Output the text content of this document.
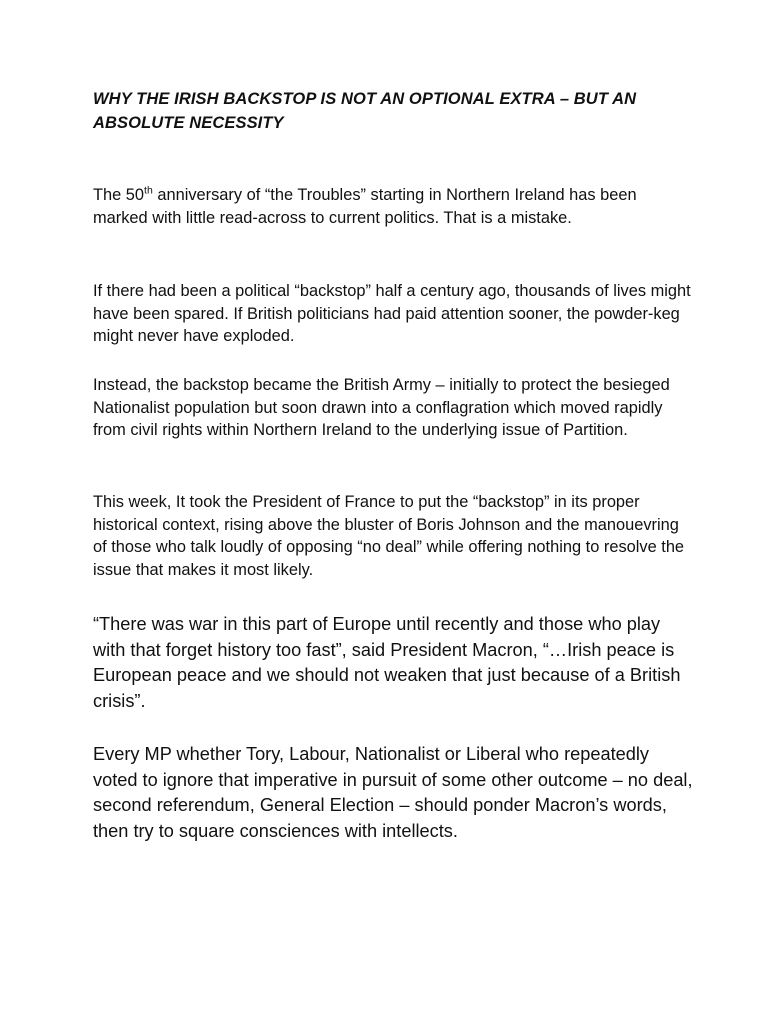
WHY THE IRISH BACKSTOP IS NOT AN OPTIONAL EXTRA – BUT AN ABSOLUTE NECESSITY

The 50th anniversary of “the Troubles” starting in Northern Ireland has been marked with little read-across to current politics. That is a mistake.

If there had been a political “backstop” half a century ago, thousands of lives might have been spared. If British politicians had paid attention sooner, the powder-keg might never have exploded.

Instead, the backstop became the British Army – initially to protect the besieged Nationalist population but soon drawn into a conflagration which moved rapidly from civil rights within Northern Ireland to the underlying issue of Partition.

This week, It took the President of France to put the “backstop” in its proper historical context, rising above the bluster of Boris Johnson and the manouevring of those who talk loudly of opposing “no deal” while offering nothing to resolve the issue that makes it most likely.

“There was war in this part of Europe until recently and those who play with that forget history too fast”, said President Macron, “…Irish peace is European peace and we should not weaken that just because of a British crisis”.

Every MP whether Tory, Labour, Nationalist or Liberal who repeatedly voted to ignore that imperative in pursuit of some other outcome – no deal, second referendum, General Election – should ponder Macron’s words, then try to square consciences with intellects.
